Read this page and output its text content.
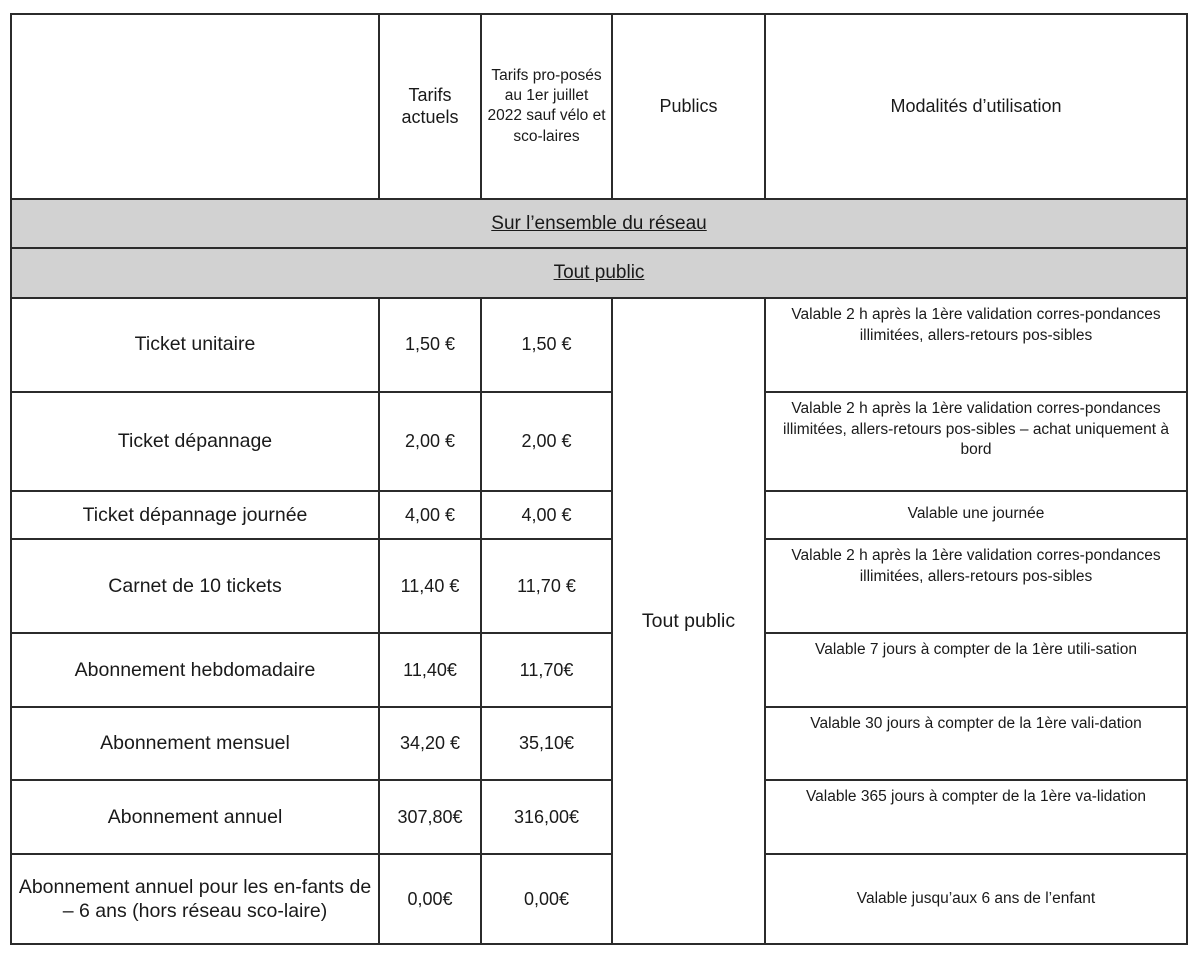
	Tarifs actuels	Tarifs pro-posés au 1er juillet 2022 sauf vélo et sco-laires	Publics	Modalités d’utilisation
Sur l’ensemble du réseau				
Tout public				
Ticket unitaire	1,50 €	1,50 €	Tout public	Valable 2 h après la 1ère validation corres-pondances illimitées, allers-retours pos-sibles
Ticket dépannage	2,00 €	2,00 €		Valable 2 h après la 1ère validation corres-pondances illimitées, allers-retours pos-sibles – achat uniquement à bord
Ticket dépannage journée	4,00 €	4,00 €		Valable une journée
Carnet de 10 tickets	11,40 €	11,70 €		Valable 2 h après la 1ère validation corres-pondances illimitées, allers-retours pos-sibles
Abonnement hebdomadaire	11,40€	11,70€		Valable 7 jours à compter de la 1ère utili-sation
Abonnement mensuel	34,20 €	35,10€		Valable 30 jours à compter de la 1ère vali-dation
Abonnement annuel	307,80€	316,00€		Valable 365 jours à compter de la 1ère va-lidation
Abonnement annuel pour les en-fants de – 6 ans (hors réseau sco-laire)	0,00€	0,00€		Valable jusqu’aux 6 ans de l’enfant
